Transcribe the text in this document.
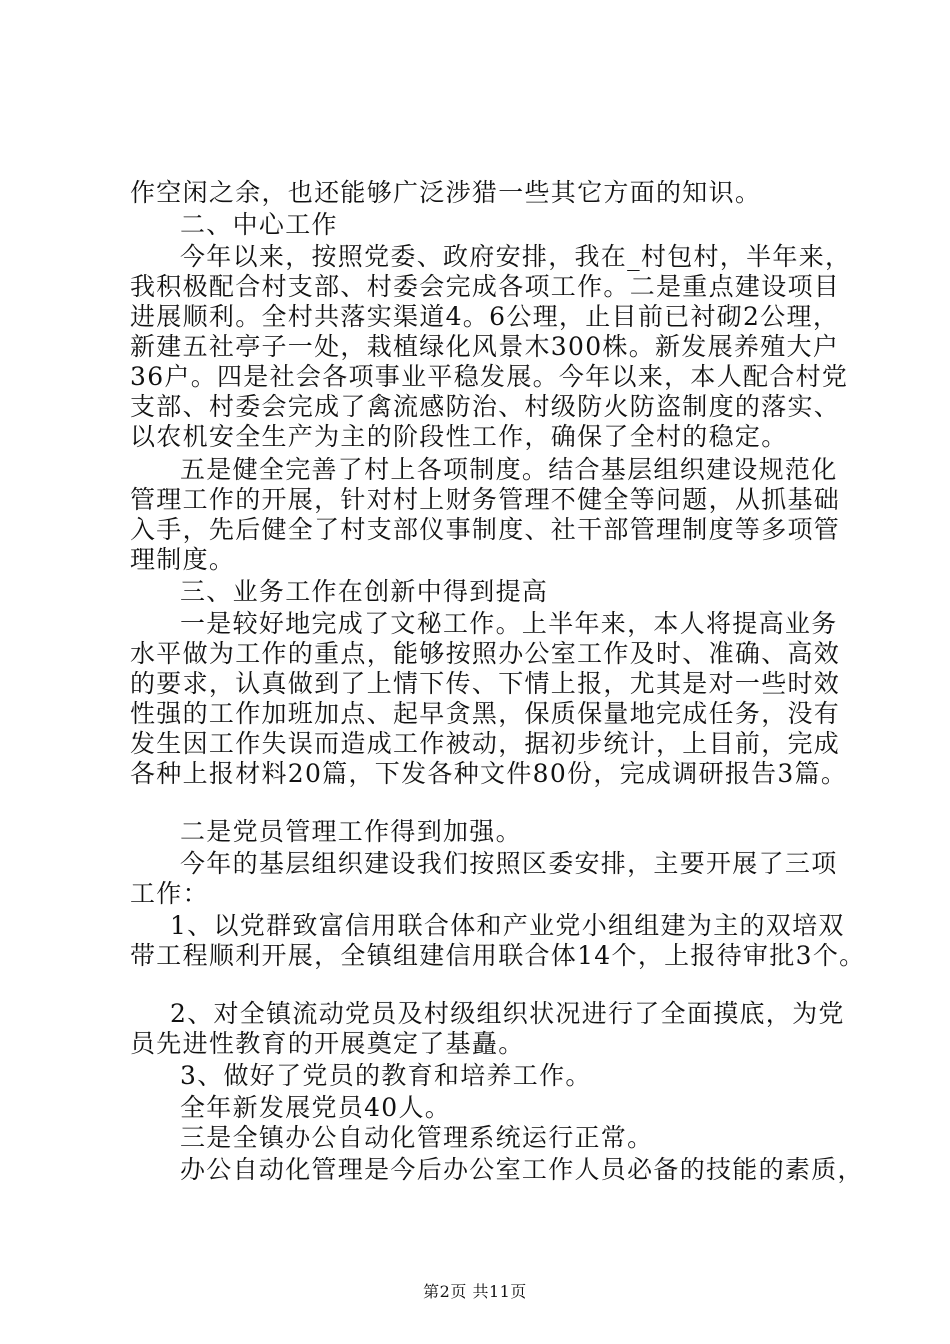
作空闲之余，也还能够广泛涉猎一些其它方面的知识。
二、中心工作
今年以来，按照党委、政府安排，我在_村包村，半年来，
我积极配合村支部、村委会完成各项工作。二是重点建设项目
进展顺利。全村共落实渠道4。6公理，止目前已衬砌2公理，
新建五社亭子一处，栽植绿化风景木300株。新发展养殖大户
36户。四是社会各项事业平稳发展。今年以来，本人配合村党
支部、村委会完成了禽流感防治、村级防火防盗制度的落实、
以农机安全生产为主的阶段性工作，确保了全村的稳定。
五是健全完善了村上各项制度。结合基层组织建设规范化
管理工作的开展，针对村上财务管理不健全等问题，从抓基础
入手，先后健全了村支部仪事制度、社干部管理制度等多项管
理制度。
三、业务工作在创新中得到提高
一是较好地完成了文秘工作。上半年来，本人将提高业务
水平做为工作的重点，能够按照办公室工作及时、准确、高效
的要求，认真做到了上情下传、下情上报，尤其是对一些时效
性强的工作加班加点、起早贪黑，保质保量地完成任务，没有
发生因工作失误而造成工作被动，据初步统计，上目前，完成
各种上报材料20篇，下发各种文件80份，完成调研报告3篇。
二是党员管理工作得到加强。
今年的基层组织建设我们按照区委安排，主要开展了三项
工作：
1、以党群致富信用联合体和产业党小组组建为主的双培双
带工程顺利开展，全镇组建信用联合体14个，上报待审批3个。
2、对全镇流动党员及村级组织状况进行了全面摸底，为党
员先进性教育的开展奠定了基矗。
3、做好了党员的教育和培养工作。
全年新发展党员40人。
三是全镇办公自动化管理系统运行正常。
办公自动化管理是今后办公室工作人员必备的技能的素质，
第2页 共11页
